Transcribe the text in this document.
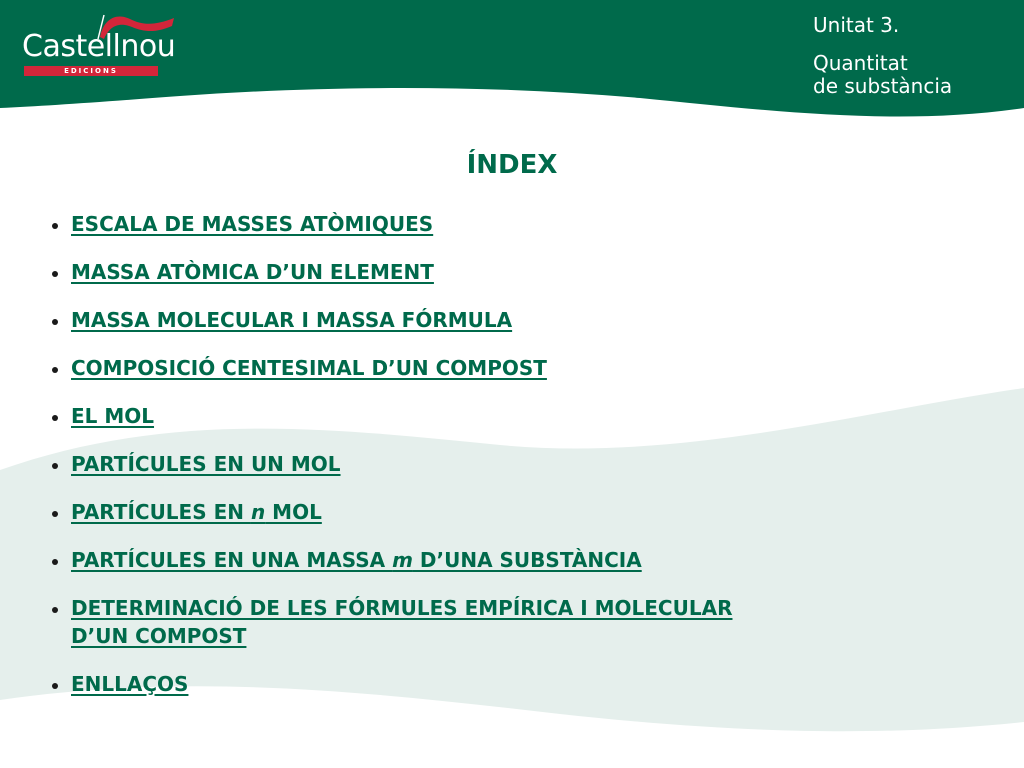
Castellnou
EDICIONS
Unitat 3.
Quantitat
de substància
ÍNDEX
ESCALA DE MASSES ATÒMIQUES
MASSA ATÒMICA D’UN ELEMENT
MASSA MOLECULAR I MASSA FÓRMULA
COMPOSICIÓ CENTESIMAL D’UN COMPOST
EL MOL
PARTÍCULES EN UN MOL
PARTÍCULES EN n MOL
PARTÍCULES EN UNA MASSA m D’UNA SUBSTÀNCIA
DETERMINACIÓ DE LES FÓRMULES EMPÍRICA I MOLECULAR
D’UN COMPOST
ENLLAÇOS
